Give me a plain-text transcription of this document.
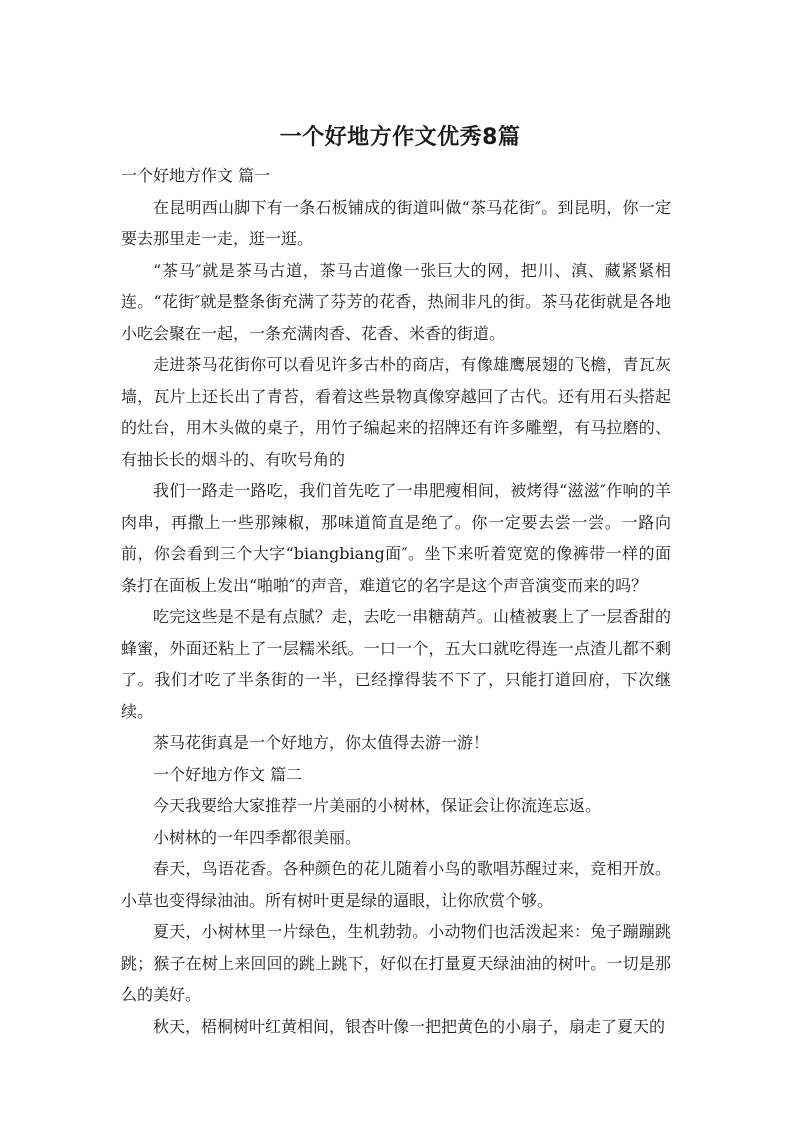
一个好地方作文优秀8篇

一个好地方作文 篇一

在昆明西山脚下有一条石板铺成的街道叫做“茶马花街″。到昆明，你一定要去那里走一走，逛一逛。

“茶马″就是茶马古道，茶马古道像一张巨大的网，把川、滇、藏紧紧相连。“花街″就是整条街充满了芬芳的花香，热闹非凡的街。茶马花街就是各地小吃会聚在一起，一条充满肉香、花香、米香的街道。

走进茶马花街你可以看见许多古朴的商店，有像雄鹰展翅的飞檐，青瓦灰墙，瓦片上还长出了青苔，看着这些景物真像穿越回了古代。还有用石头搭起的灶台，用木头做的桌子，用竹子编起来的招牌还有许多雕塑，有马拉磨的、有抽长长的烟斗的、有吹号角的

我们一路走一路吃，我们首先吃了一串肥瘦相间，被烤得“滋滋″作响的羊肉串，再撒上一些那辣椒，那味道简直是绝了。你一定要去尝一尝。一路向前，你会看到三个大字“biangbiang面″。坐下来听着宽宽的像裤带一样的面条打在面板上发出“啪啪″的声音，难道它的名字是这个声音演变而来的吗？

吃完这些是不是有点腻？走，去吃一串糖葫芦。山楂被裹上了一层香甜的蜂蜜，外面还粘上了一层糯米纸。一口一个，五大口就吃得连一点渣儿都不剩了。我们才吃了半条街的一半，已经撑得装不下了，只能打道回府，下次继续。

茶马花街真是一个好地方，你太值得去游一游！

一个好地方作文 篇二

今天我要给大家推荐一片美丽的小树林，保证会让你流连忘返。

小树林的一年四季都很美丽。

春天，鸟语花香。各种颜色的花儿随着小鸟的歌唱苏醒过来，竞相开放。小草也变得绿油油。所有树叶更是绿的逼眼，让你欣赏个够。

夏天，小树林里一片绿色，生机勃勃。小动物们也活泼起来：兔子蹦蹦跳跳；猴子在树上来回回的跳上跳下，好似在打量夏天绿油油的树叶。一切是那么的美好。

秋天，梧桐树叶红黄相间，银杏叶像一把把黄色的小扇子，扇走了夏天的
